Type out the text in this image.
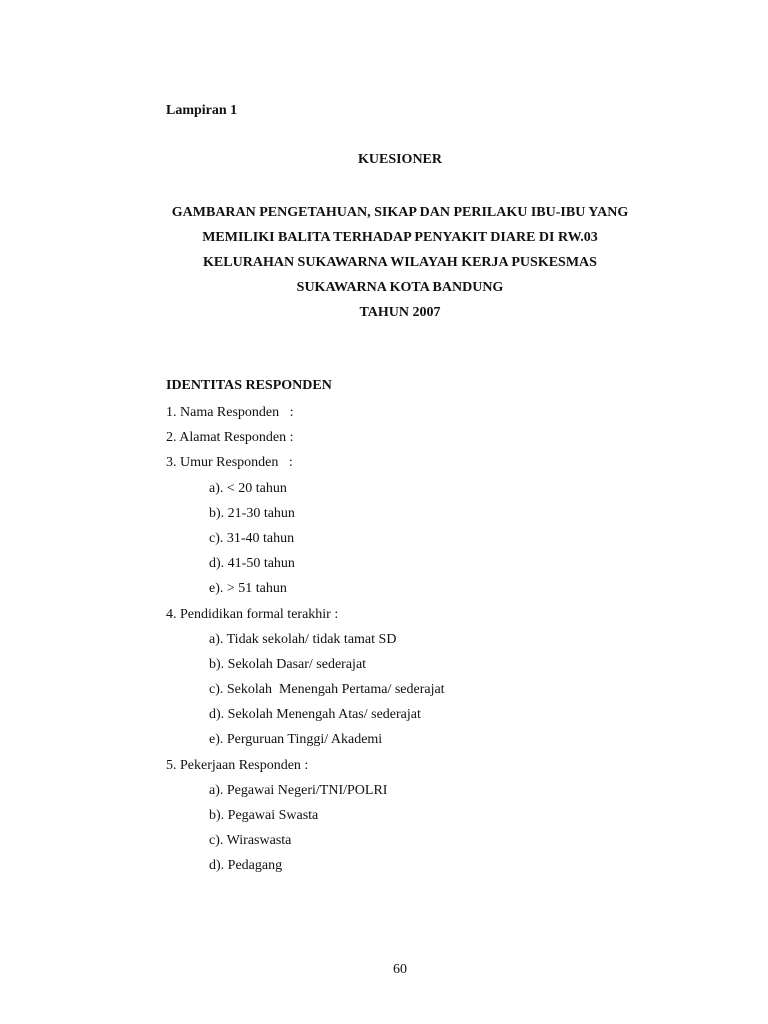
Lampiran 1
KUESIONER
GAMBARAN PENGETAHUAN, SIKAP DAN PERILAKU IBU-IBU YANG
MEMILIKI BALITA TERHADAP PENYAKIT DIARE DI RW.03
KELURAHAN SUKAWARNA WILAYAH KERJA PUSKESMAS
SUKAWARNA KOTA BANDUNG
TAHUN 2007
IDENTITAS RESPONDEN
1. Nama Responden   :
2. Alamat Responden :
3. Umur Responden   :
a). < 20 tahun
b). 21-30 tahun
c). 31-40 tahun
d). 41-50 tahun
e). > 51 tahun
4. Pendidikan formal terakhir :
a). Tidak sekolah/ tidak tamat SD
b). Sekolah Dasar/ sederajat
c). Sekolah  Menengah Pertama/ sederajat
d). Sekolah Menengah Atas/ sederajat
e). Perguruan Tinggi/ Akademi
5. Pekerjaan Responden :
a). Pegawai Negeri/TNI/POLRI
b). Pegawai Swasta
c). Wiraswasta
d). Pedagang
60
